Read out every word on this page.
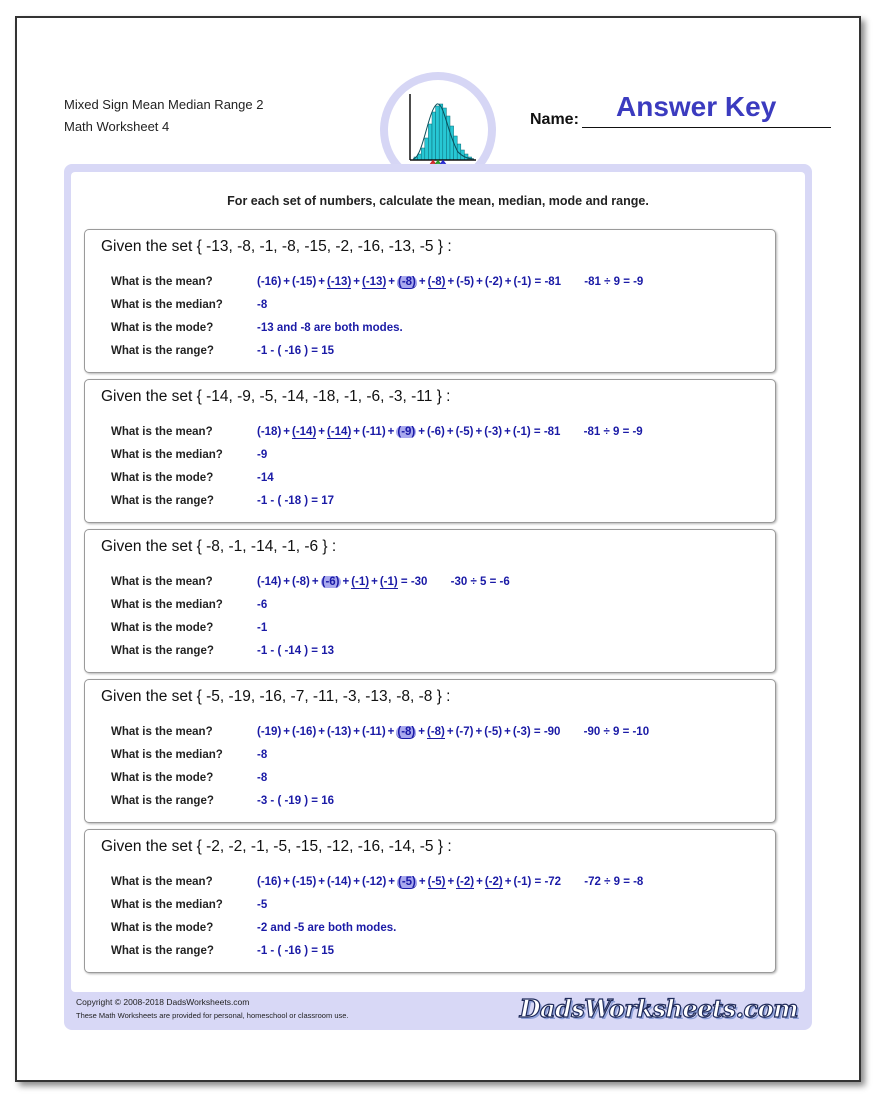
Mixed Sign Mean Median Range 2
Math Worksheet 4	Name: Answer Key
For each set of numbers, calculate the mean, median, mode and range.
Given the set { -13, -8, -1, -8, -15, -2, -16, -13, -5 } :
What is the mean?	(-16) + (-15) + (-13) + (-13) + (-8) + (-8) + (-5) + (-2) + (-1) = -81 -81 ÷ 9 = -9
What is the median?	-8
What is the mode?	-13 and -8 are both modes.
What is the range?	-1 - ( -16 ) = 15
Given the set { -14, -9, -5, -14, -18, -1, -6, -3, -11 } :
What is the mean?	(-18) + (-14) + (-14) + (-11) + (-9) + (-6) + (-5) + (-3) + (-1) = -81 -81 ÷ 9 = -9
What is the median?	-9
What is the mode?	-14
What is the range?	-1 - ( -18 ) = 17
Given the set { -8, -1, -14, -1, -6 } :
What is the mean?	(-14) + (-8) + (-6) + (-1) + (-1) = -30 -30 ÷ 5 = -6
What is the median?	-6
What is the mode?	-1
What is the range?	-1 - ( -14 ) = 13
Given the set { -5, -19, -16, -7, -11, -3, -13, -8, -8 } :
What is the mean?	(-19) + (-16) + (-13) + (-11) + (-8) + (-8) + (-7) + (-5) + (-3) = -90 -90 ÷ 9 = -10
What is the median?	-8
What is the mode?	-8
What is the range?	-3 - ( -19 ) = 16
Given the set { -2, -2, -1, -5, -15, -12, -16, -14, -5 } :
What is the mean?	(-16) + (-15) + (-14) + (-12) + (-5) + (-5) + (-2) + (-2) + (-1) = -72 -72 ÷ 9 = -8
What is the median?	-5
What is the mode?	-2 and -5 are both modes.
What is the range?	-1 - ( -16 ) = 15
Copyright © 2008-2018 DadsWorksheets.com
These Math Worksheets are provided for personal, homeschool or classroom use.	DadsWorksheets.com
